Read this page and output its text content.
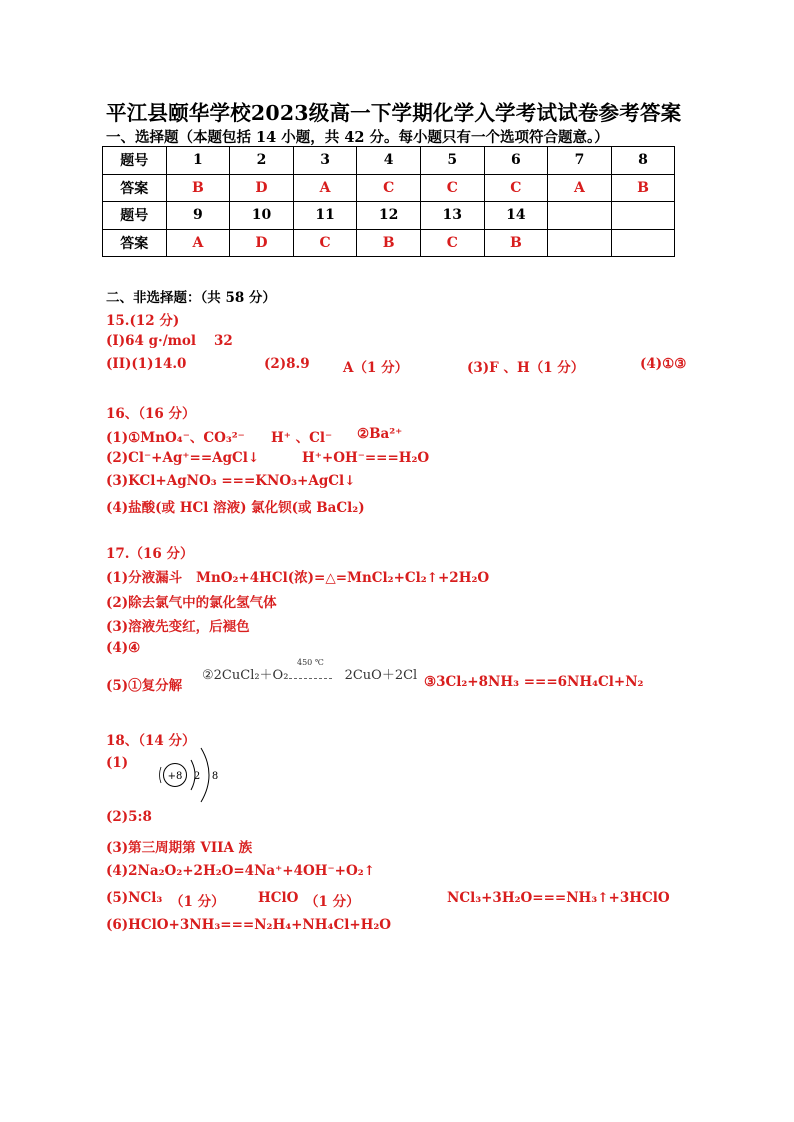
平江县颐华学校2023级高一下学期化学入学考试试卷参考答案
一、选择题（本题包括 14 小题，共 42 分。每小题只有一个选项符合题意。）
题号	1	2	3	4	5	6	7	8
答案	B	D	A	C	C	C	A	B
题号	9	10	11	12	13	14		
答案	A	D	C	B	C	B		
二、非选择题：（共 58 分）
15.(12 分)
(I)64 g·/mol 32
(II)(1)14.0	(2)8.9 A（1 分）	(3)F 、H（1 分）	(4)①③
16、（16 分）
(1)①MnO₄⁻、CO₃²⁻ H⁺ 、Cl⁻ ②Ba²⁺
(2)Cl⁻+Ag⁺==AgCl↓	H⁺+OH⁻===H₂O
(3)KCl+AgNO₃ ===KNO₃+AgCl↓
(4)盐酸(或 HCl 溶液) 氯化钡(或 BaCl₂)
17.（16 分）
(1)分液漏斗 MnO₂+4HCl(浓)=△=MnCl₂+Cl₂↑+2H₂O
(2)除去氯气中的氯化氢气体
(3)溶液先变红，后褪色
(4)④
(5)①复分解
②2CuCl₂＋O₂
450 ℃
2CuO＋2Cl ③3Cl₂+8NH₃ ===6NH₄Cl+N₂
18、（14 分）
(1)
+8 2 8
(2)5:8
(3)第三周期第 VIIA 族
(4)2Na₂O₂+2H₂O=4Na⁺+4OH⁻+O₂↑
(5)NCl₃ （1 分） HClO （1 分）	NCl₃+3H₂O===NH₃↑+3HClO
(6)HClO+3NH₃===N₂H₄+NH₄Cl+H₂O
